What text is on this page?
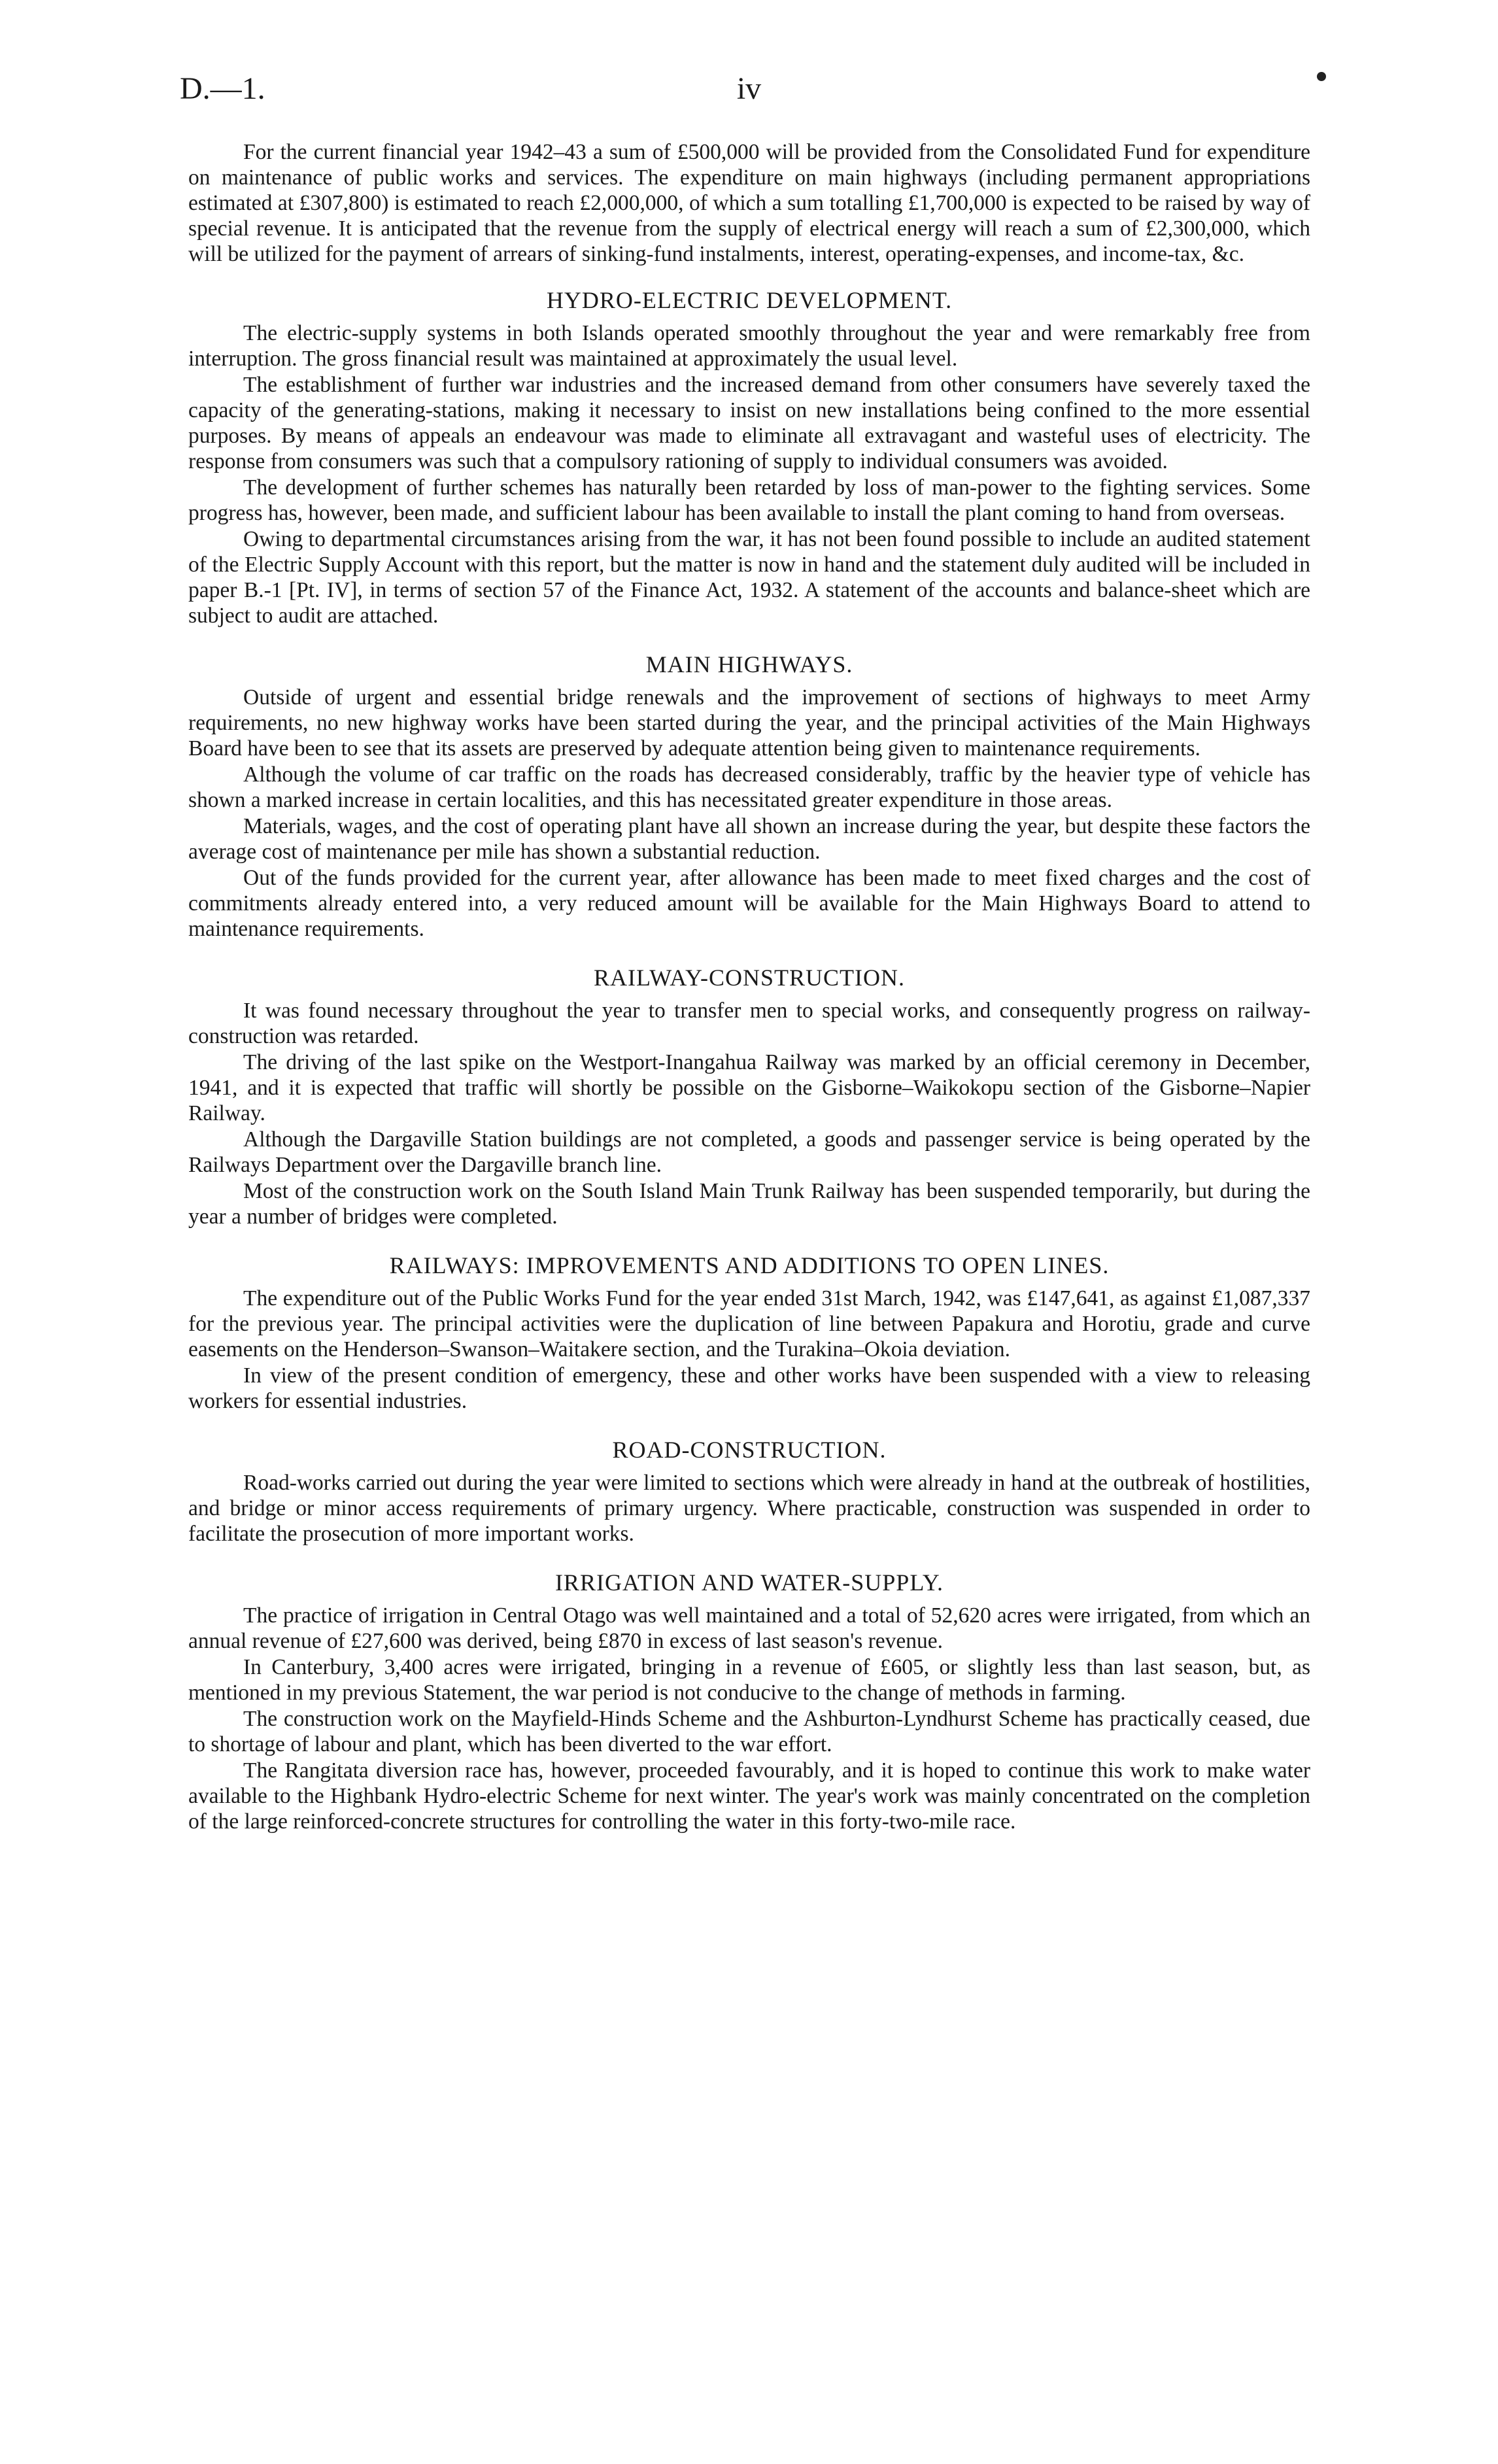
D.—1.	iv

For the current financial year 1942–43 a sum of £500,000 will be provided from the Consolidated Fund for expenditure on maintenance of public works and services. The expenditure on main highways (including permanent appropriations estimated at £307,800) is estimated to reach £2,000,000, of which a sum totalling £1,700,000 is expected to be raised by way of special revenue. It is anticipated that the revenue from the supply of electrical energy will reach a sum of £2,300,000, which will be utilized for the payment of arrears of sinking-fund instalments, interest, operating-expenses, and income-tax, &c.

HYDRO-ELECTRIC DEVELOPMENT.

The electric-supply systems in both Islands operated smoothly throughout the year and were remarkably free from interruption. The gross financial result was maintained at approximately the usual level.

The establishment of further war industries and the increased demand from other consumers have severely taxed the capacity of the generating-stations, making it necessary to insist on new installations being confined to the more essential purposes. By means of appeals an endeavour was made to eliminate all extravagant and wasteful uses of electricity. The response from consumers was such that a compulsory rationing of supply to individual consumers was avoided.

The development of further schemes has naturally been retarded by loss of man-power to the fighting services. Some progress has, however, been made, and sufficient labour has been available to install the plant coming to hand from overseas.

Owing to departmental circumstances arising from the war, it has not been found possible to include an audited statement of the Electric Supply Account with this report, but the matter is now in hand and the statement duly audited will be included in paper B.-1 [Pt. IV], in terms of section 57 of the Finance Act, 1932. A statement of the accounts and balance-sheet which are subject to audit are attached.

MAIN HIGHWAYS.

Outside of urgent and essential bridge renewals and the improvement of sections of highways to meet Army requirements, no new highway works have been started during the year, and the principal activities of the Main Highways Board have been to see that its assets are preserved by adequate attention being given to maintenance requirements.

Although the volume of car traffic on the roads has decreased considerably, traffic by the heavier type of vehicle has shown a marked increase in certain localities, and this has necessitated greater expenditure in those areas.

Materials, wages, and the cost of operating plant have all shown an increase during the year, but despite these factors the average cost of maintenance per mile has shown a substantial reduction.

Out of the funds provided for the current year, after allowance has been made to meet fixed charges and the cost of commitments already entered into, a very reduced amount will be available for the Main Highways Board to attend to maintenance requirements.

RAILWAY-CONSTRUCTION.

It was found necessary throughout the year to transfer men to special works, and consequently progress on railway-construction was retarded.

The driving of the last spike on the Westport-Inangahua Railway was marked by an official ceremony in December, 1941, and it is expected that traffic will shortly be possible on the Gisborne–Waikokopu section of the Gisborne–Napier Railway.

Although the Dargaville Station buildings are not completed, a goods and passenger service is being operated by the Railways Department over the Dargaville branch line.

Most of the construction work on the South Island Main Trunk Railway has been suspended temporarily, but during the year a number of bridges were completed.

RAILWAYS: IMPROVEMENTS AND ADDITIONS TO OPEN LINES.

The expenditure out of the Public Works Fund for the year ended 31st March, 1942, was £147,641, as against £1,087,337 for the previous year. The principal activities were the duplication of line between Papakura and Horotiu, grade and curve easements on the Henderson–Swanson–Waitakere section, and the Turakina–Okoia deviation.

In view of the present condition of emergency, these and other works have been suspended with a view to releasing workers for essential industries.

ROAD-CONSTRUCTION.

Road-works carried out during the year were limited to sections which were already in hand at the outbreak of hostilities, and bridge or minor access requirements of primary urgency. Where practicable, construction was suspended in order to facilitate the prosecution of more important works.

IRRIGATION AND WATER-SUPPLY.

The practice of irrigation in Central Otago was well maintained and a total of 52,620 acres were irrigated, from which an annual revenue of £27,600 was derived, being £870 in excess of last season's revenue.

In Canterbury, 3,400 acres were irrigated, bringing in a revenue of £605, or slightly less than last season, but, as mentioned in my previous Statement, the war period is not conducive to the change of methods in farming.

The construction work on the Mayfield-Hinds Scheme and the Ashburton-Lyndhurst Scheme has practically ceased, due to shortage of labour and plant, which has been diverted to the war effort.

The Rangitata diversion race has, however, proceeded favourably, and it is hoped to continue this work to make water available to the Highbank Hydro-electric Scheme for next winter. The year's work was mainly concentrated on the completion of the large reinforced-concrete structures for controlling the water in this forty-two-mile race.
